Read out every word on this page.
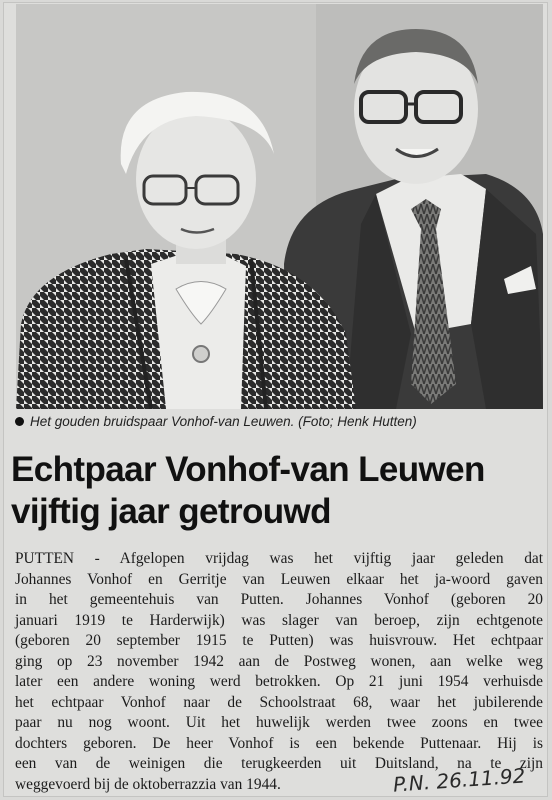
Het gouden bruidspaar Vonhof-van Leuwen. (Foto; Henk Hutten)
Echtpaar Vonhof-van Leuwen
vijftig jaar getrouwd
PUTTEN - Afgelopen vrijdag was het vijftig jaar geleden dat
Johannes Vonhof en Gerritje van Leuwen elkaar het ja-woord gaven
in het gemeentehuis van Putten. Johannes Vonhof (geboren 20
januari 1919 te Harderwijk) was slager van beroep, zijn echtgenote
(geboren 20 september 1915 te Putten) was huisvrouw. Het echtpaar
ging op 23 november 1942 aan de Postweg wonen, aan welke weg
later een andere woning werd betrokken. Op 21 juni 1954 verhuisde
het echtpaar Vonhof naar de Schoolstraat 68, waar het jubilerende
paar nu nog woont. Uit het huwelijk werden twee zoons en twee
dochters geboren. De heer Vonhof is een bekende Puttenaar. Hij is
een van de weinigen die terugkeerden uit Duitsland, na te zijn
weggevoerd bij de oktoberrazzia van 1944.	P.N. 26.11.92
